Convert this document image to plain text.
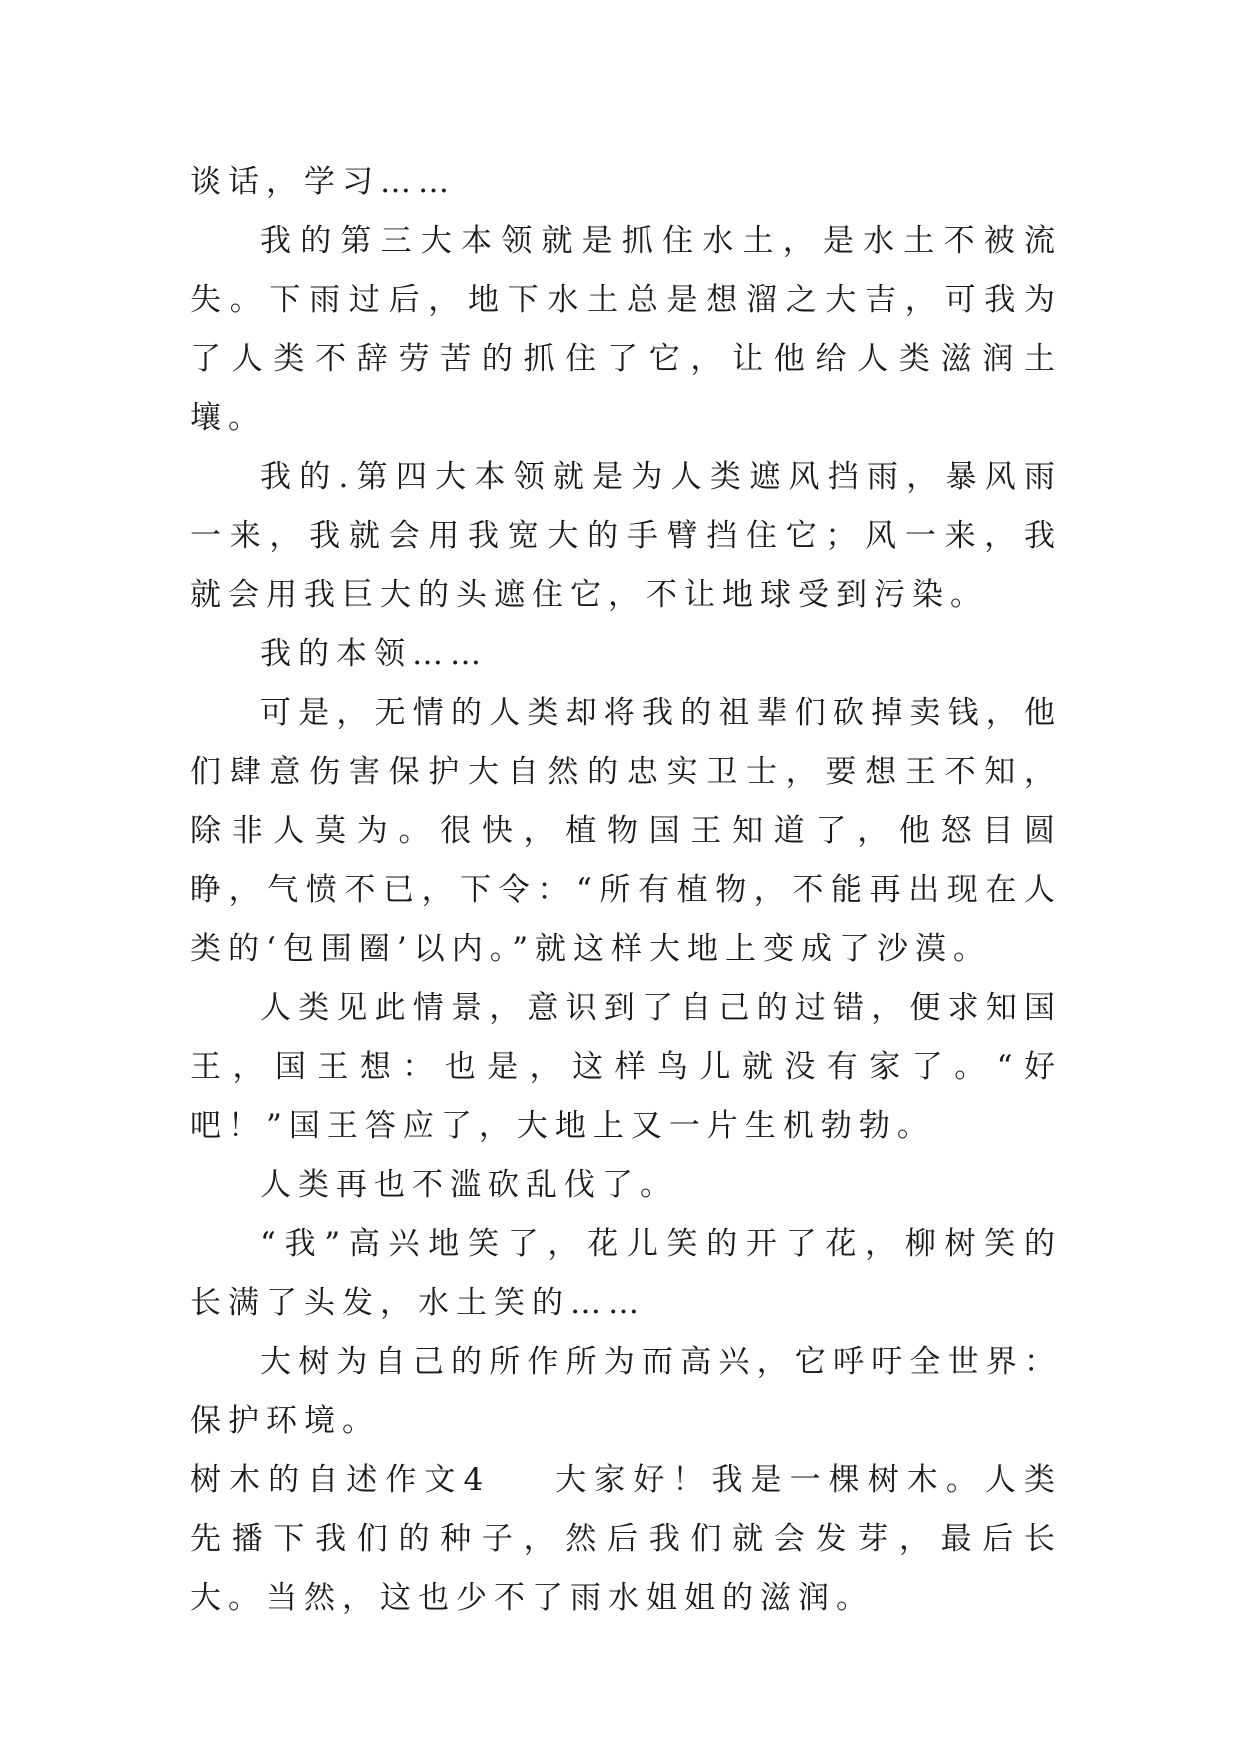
谈话，学习……

我的第三大本领就是抓住水土，是水土不被流失。下雨过后，地下水土总是想溜之大吉，可我为了人类不辞劳苦的抓住了它，让他给人类滋润土壤。

我的.第四大本领就是为人类遮风挡雨，暴风雨一来，我就会用我宽大的手臂挡住它；风一来，我就会用我巨大的头遮住它，不让地球受到污染。

我的本领……

可是，无情的人类却将我的祖辈们砍掉卖钱，他们肆意伤害保护大自然的忠实卫士，要想王不知，除非人莫为。很快，植物国王知道了，他怒目圆睁，气愤不已，下令：“所有植物，不能再出现在人类的‘包围圈’以内。”就这样大地上变成了沙漠。

人类见此情景，意识到了自己的过错，便求知国王，国王想：也是，这样鸟儿就没有家了。“好吧！”国王答应了，大地上又一片生机勃勃。

人类再也不滥砍乱伐了。

“我”高兴地笑了，花儿笑的开了花，柳树笑的长满了头发，水土笑的……

大树为自己的所作所为而高兴，它呼吁全世界：保护环境。

树木的自述作文4 大家好！我是一棵树木。人类先播下我们的种子，然后我们就会发芽，最后长大。当然，这也少不了雨水姐姐的滋润。
